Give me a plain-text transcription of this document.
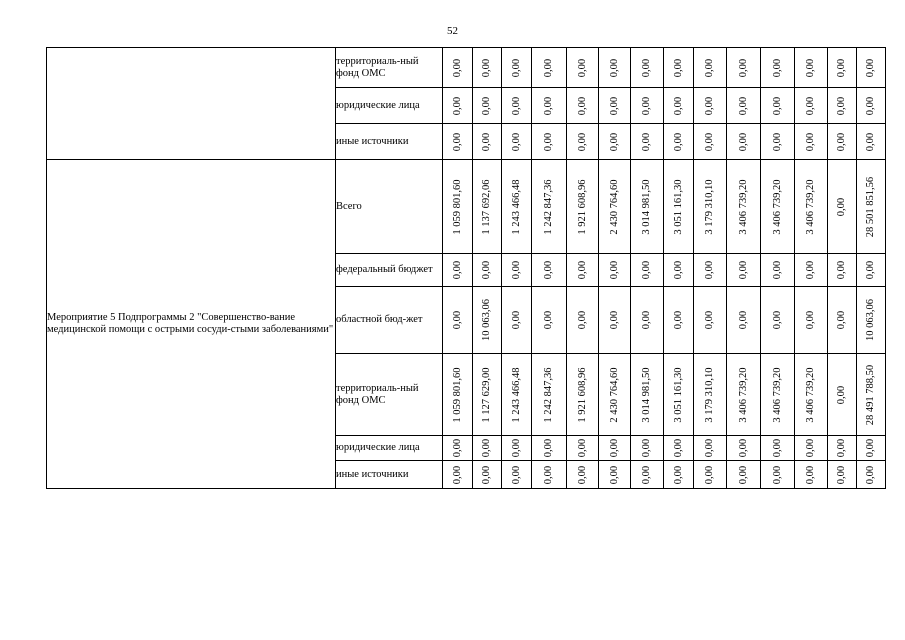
52
	территориаль-ный фонд ОМС	0,00	0,00	0,00	0,00	0,00	0,00	0,00	0,00	0,00	0,00	0,00	0,00	0,00	0,00

	юридические лица	0,00	0,00	0,00	0,00	0,00	0,00	0,00	0,00	0,00	0,00	0,00	0,00	0,00	0,00

	иные источники	0,00	0,00	0,00	0,00	0,00	0,00	0,00	0,00	0,00	0,00	0,00	0,00	0,00	0,00

Мероприятие 5 Подпрограммы 2 "Совершенство-вание медицинской помощи с острыми сосуди-стыми заболеваниями"	Всего	1 059 801,60	1 137 692,06	1 243 466,48	1 242 847,36	1 921 608,96	2 430 764,60	3 014 981,50	3 051 161,30	3 179 310,10	3 406 739,20	3 406 739,20	3 406 739,20	0,00	28 501 851,56

	федеральный бюджет	0,00	0,00	0,00	0,00	0,00	0,00	0,00	0,00	0,00	0,00	0,00	0,00	0,00	0,00

	областной бюд-жет	0,00	10 063,06	0,00	0,00	0,00	0,00	0,00	0,00	0,00	0,00	0,00	0,00	0,00	10 063,06

	территориаль-ный фонд ОМС	1 059 801,60	1 127 629,00	1 243 466,48	1 242 847,36	1 921 608,96	2 430 764,60	3 014 981,50	3 051 161,30	3 179 310,10	3 406 739,20	3 406 739,20	3 406 739,20	0,00	28 491 788,50

	юридические лица	0,00	0,00	0,00	0,00	0,00	0,00	0,00	0,00	0,00	0,00	0,00	0,00	0,00	0,00

	иные источники	0,00	0,00	0,00	0,00	0,00	0,00	0,00	0,00	0,00	0,00	0,00	0,00	0,00	0,00
